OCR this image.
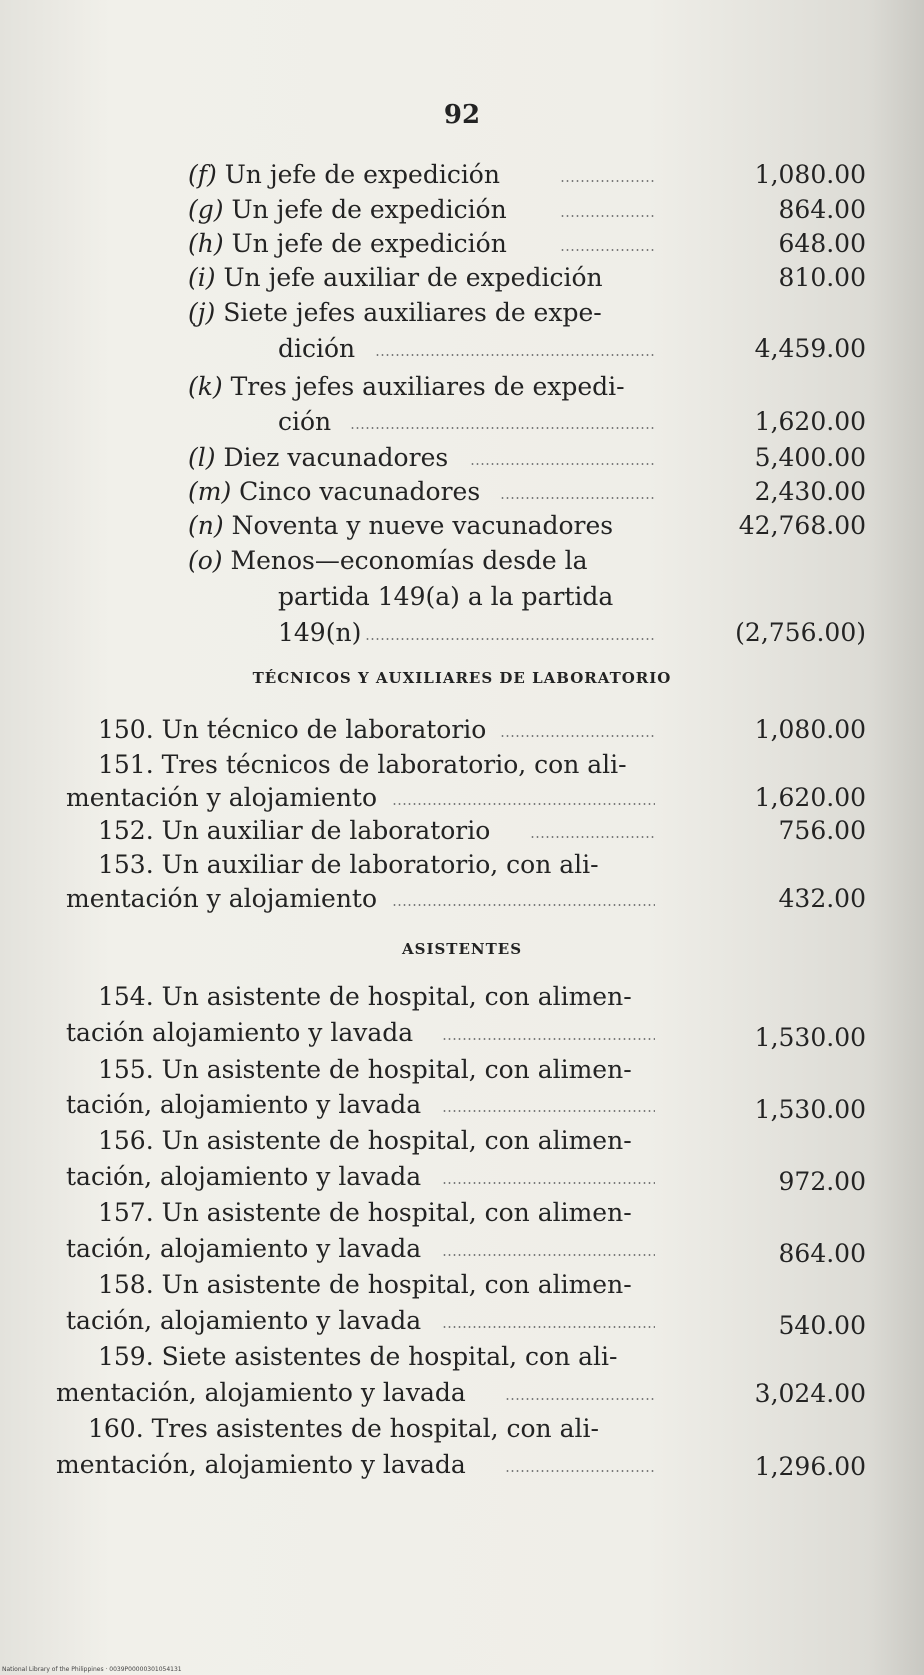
92
(f) Un jefe de expedición	1,080.00
(g) Un jefe de expedición	864.00
(h) Un jefe de expedición	648.00
(i) Un jefe auxiliar de expedición	810.00
(j) Siete jefes auxiliares de expe-
dición	4,459.00
(k) Tres jefes auxiliares de expedi-
ción	1,620.00
(l) Diez vacunadores	5,400.00
(m) Cinco vacunadores	2,430.00
(n) Noventa y nueve vacunadores	42,768.00
(o) Menos—economías desde la
partida 149(a) a la partida
149(n)	(2,756.00)
TÉCNICOS Y AUXILIARES DE LABORATORIO
150. Un técnico de laboratorio	1,080.00
151. Tres técnicos de laboratorio, con ali-
mentación y alojamiento	1,620.00
152. Un auxiliar de laboratorio	756.00
153. Un auxiliar de laboratorio, con ali-
mentación y alojamiento	432.00
ASISTENTES
154. Un asistente de hospital, con alimen-
tación alojamiento y lavada	1,530.00
155. Un asistente de hospital, con alimen-
tación, alojamiento y lavada	1,530.00
156. Un asistente de hospital, con alimen-
tación, alojamiento y lavada	972.00
157. Un asistente de hospital, con alimen-
tación, alojamiento y lavada	864.00
158. Un asistente de hospital, con alimen-
tación, alojamiento y lavada	540.00
159. Siete asistentes de hospital, con ali-
mentación, alojamiento y lavada	3,024.00
160. Tres asistentes de hospital, con ali-
mentación, alojamiento y lavada	1,296.00
National Library of the Philippines · 0039P00000301054131
